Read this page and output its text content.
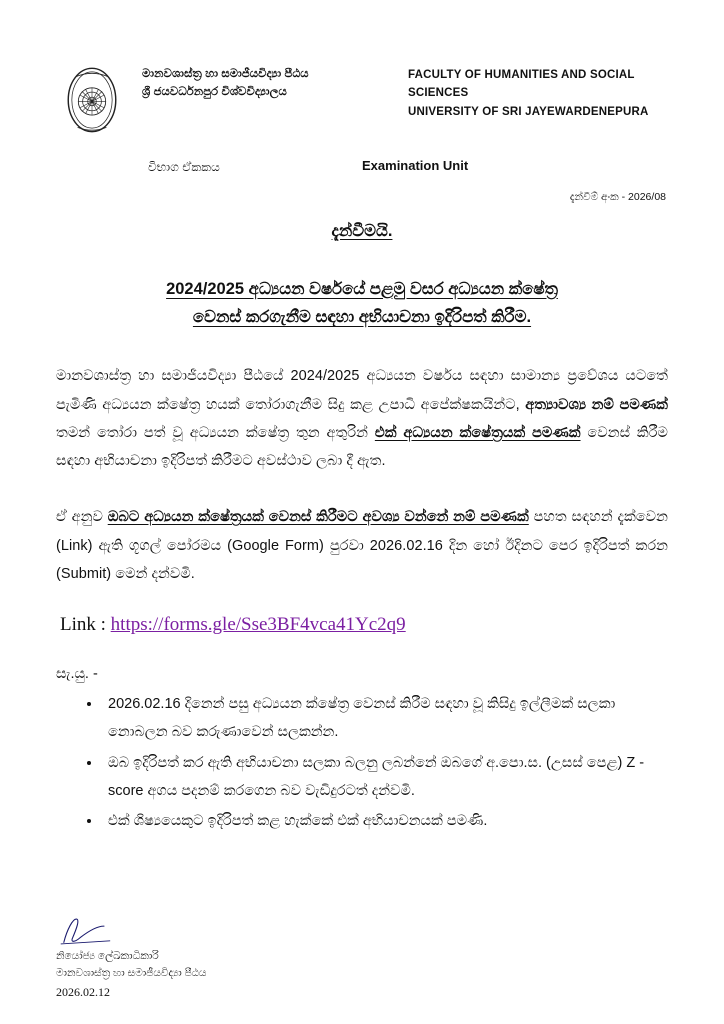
මානවශාස්ත්‍ර හා සමාජීයවිද්‍යා පීඨය
ශ්‍රී ජයවර්ධනපුර විශ්වවිද්‍යාලය
FACULTY OF HUMANITIES AND SOCIAL SCIENCES
UNIVERSITY OF SRI JAYEWARDENEPURA
විභාග ඒකකය	Examination Unit
දැන්වීම් අංක - 2026/08
දැන්වීමයි.
2024/2025 අධ්‍යයන වර්ෂයේ පළමු වසර අධ්‍යයන ක්ෂේත්‍ර
වෙනස් කරගැනීම සඳහා අභියාචනා ඉදිරිපත් කිරීම.

මානවශාස්ත්‍ර හා සමාජීයවිද්‍යා පීඨයේ 2024/2025 අධ්‍යයන වර්ෂය සඳහා සාමාන්‍ය ප්‍රවේශය යටතේ පැමිණි අධ්‍යයන ක්ෂේත්‍ර හයක් තෝරාගැනීම සිදු කළ උපාධි අපේක්ෂකයින්ට, අත්‍යාවශ්‍ය නම් පමණක් තමන් තෝරා පත් වූ අධ්‍යයන ක්ෂේත්‍ර තුන අතුරින් එක් අධ්‍යයන ක්ෂේත්‍රයක් පමණක් වෙනස් කිරීම සඳහා අභියාචනා ඉදිරිපත් කිරීමට අවස්ථාව ලබා දී ඇත.

ඒ අනුව ඔබට අධ්‍යයන ක්ෂේත්‍රයක් වෙනස් කිරීමට අවශ්‍ය වන්නේ නම් පමණක් පහත සඳහන් දැක්වෙන (Link) ඇති ගූගල් පෝරමය (Google Form) පුරවා 2026.02.16 දින හෝ ඊදිනට පෙර ඉදිරිපත් කරන (Submit) මෙන් දන්වමි.

Link : https://forms.gle/Sse3BF4vca41Yc2q9
සැ.යු. -
• 2026.02.16 දිනෙන් පසු අධ්‍යයන ක්ෂේත්‍ර වෙනස් කිරීම සඳහා වූ කිසිදු ඉල්ලීමක් සලකා නොබලන බව කරුණාවෙන් සලකන්න.
• ඔබ ඉදිරිපත් කර ඇති අභියාචනා සලකා බලනු ලබන්නේ ඔබගේ අ.පො.ස. (උසස් පෙළ) Z - score අගය පදනම් කරගෙන බව වැඩිදුරටත් දන්වමි.
• එක් ශිෂ්‍යයෙකුට ඉදිරිපත් කළ හැක්කේ එක් අභියාචනයක් පමණි.
නියෝජ්‍ය ලේඛකාධිකාරි
මානවශාස්ත්‍ර හා සමාජීයවිද්‍යා පීඨය
2026.02.12
